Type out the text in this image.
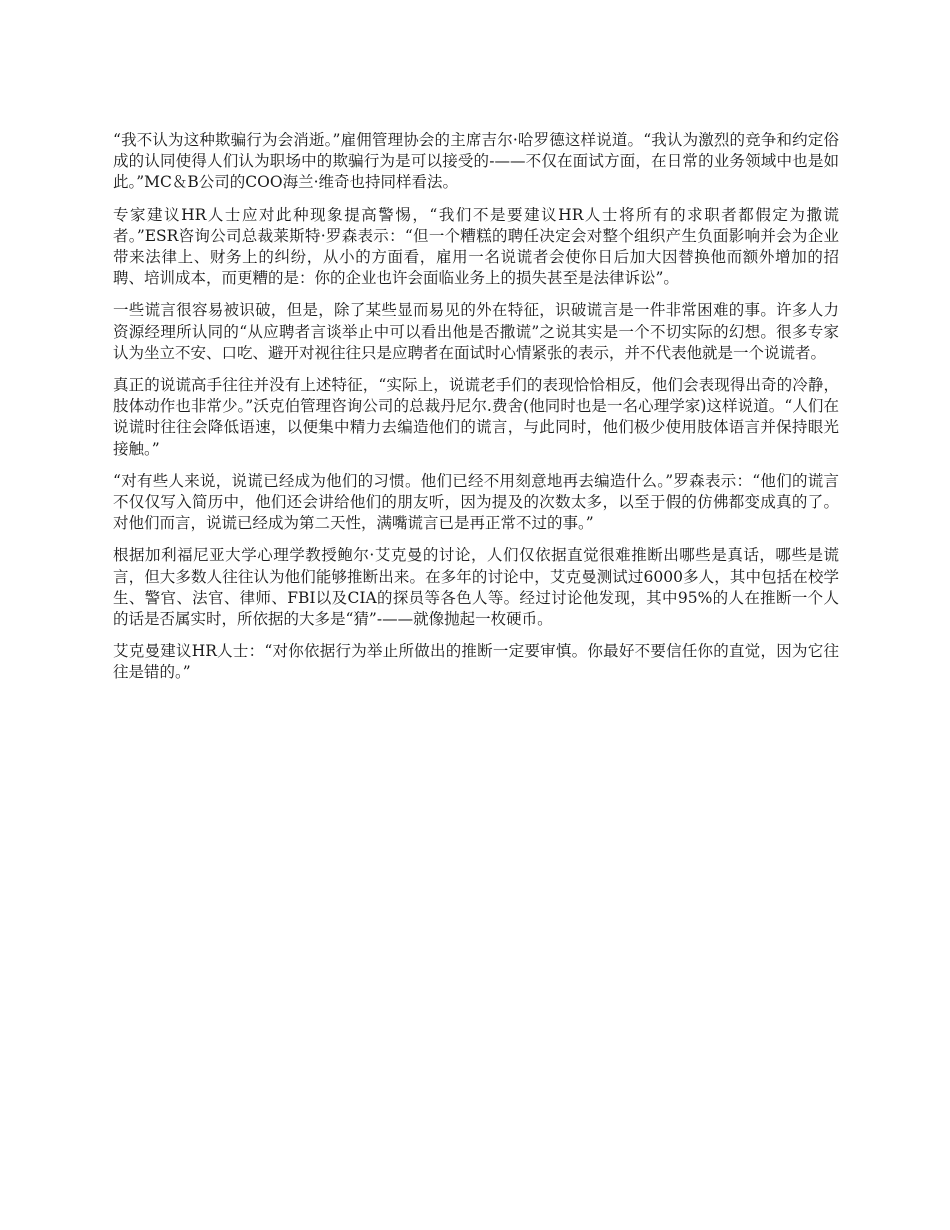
“我不认为这种欺骗行为会消逝。”雇佣管理协会的主席吉尔·哈罗德这样说道。“我认为激烈的竞争和约定俗成的认同使得人们认为职场中的欺骗行为是可以接受的-——不仅在面试方面，在日常的业务领域中也是如此。”MC＆B公司的COO海兰·维奇也持同样看法。

专家建议HR人士应对此种现象提高警惕，“我们不是要建议HR人士将所有的求职者都假定为撒谎者。”ESR咨询公司总裁莱斯特·罗森表示：“但一个糟糕的聘任决定会对整个组织产生负面影响并会为企业带来法律上、财务上的纠纷，从小的方面看，雇用一名说谎者会使你日后加大因替换他而额外增加的招聘、培训成本，而更糟的是：你的企业也许会面临业务上的损失甚至是法律诉讼”。

一些谎言很容易被识破，但是，除了某些显而易见的外在特征，识破谎言是一件非常困难的事。许多人力资源经理所认同的“从应聘者言谈举止中可以看出他是否撒谎”之说其实是一个不切实际的幻想。很多专家认为坐立不安、口吃、避开对视往往只是应聘者在面试时心情紧张的表示，并不代表他就是一个说谎者。

真正的说谎高手往往并没有上述特征，“实际上，说谎老手们的表现恰恰相反，他们会表现得出奇的冷静，肢体动作也非常少。”沃克伯管理咨询公司的总裁丹尼尔.费舍(他同时也是一名心理学家)这样说道。“人们在说谎时往往会降低语速，以便集中精力去编造他们的谎言，与此同时，他们极少使用肢体语言并保持眼光接触。”

“对有些人来说，说谎已经成为他们的习惯。他们已经不用刻意地再去编造什么。”罗森表示：“他们的谎言不仅仅写入简历中，他们还会讲给他们的朋友听，因为提及的次数太多，以至于假的仿佛都变成真的了。对他们而言，说谎已经成为第二天性，满嘴谎言已是再正常不过的事。”

根据加利福尼亚大学心理学教授鲍尔·艾克曼的讨论，人们仅依据直觉很难推断出哪些是真话，哪些是谎言，但大多数人往往认为他们能够推断出来。在多年的讨论中，艾克曼测试过6000多人，其中包括在校学生、警官、法官、律师、FBI以及CIA的探员等各色人等。经过讨论他发现，其中95%的人在推断一个人的话是否属实时，所依据的大多是“猜”-——就像抛起一枚硬币。

艾克曼建议HR人士：“对你依据行为举止所做出的推断一定要审慎。你最好不要信任你的直觉，因为它往往是错的。”
